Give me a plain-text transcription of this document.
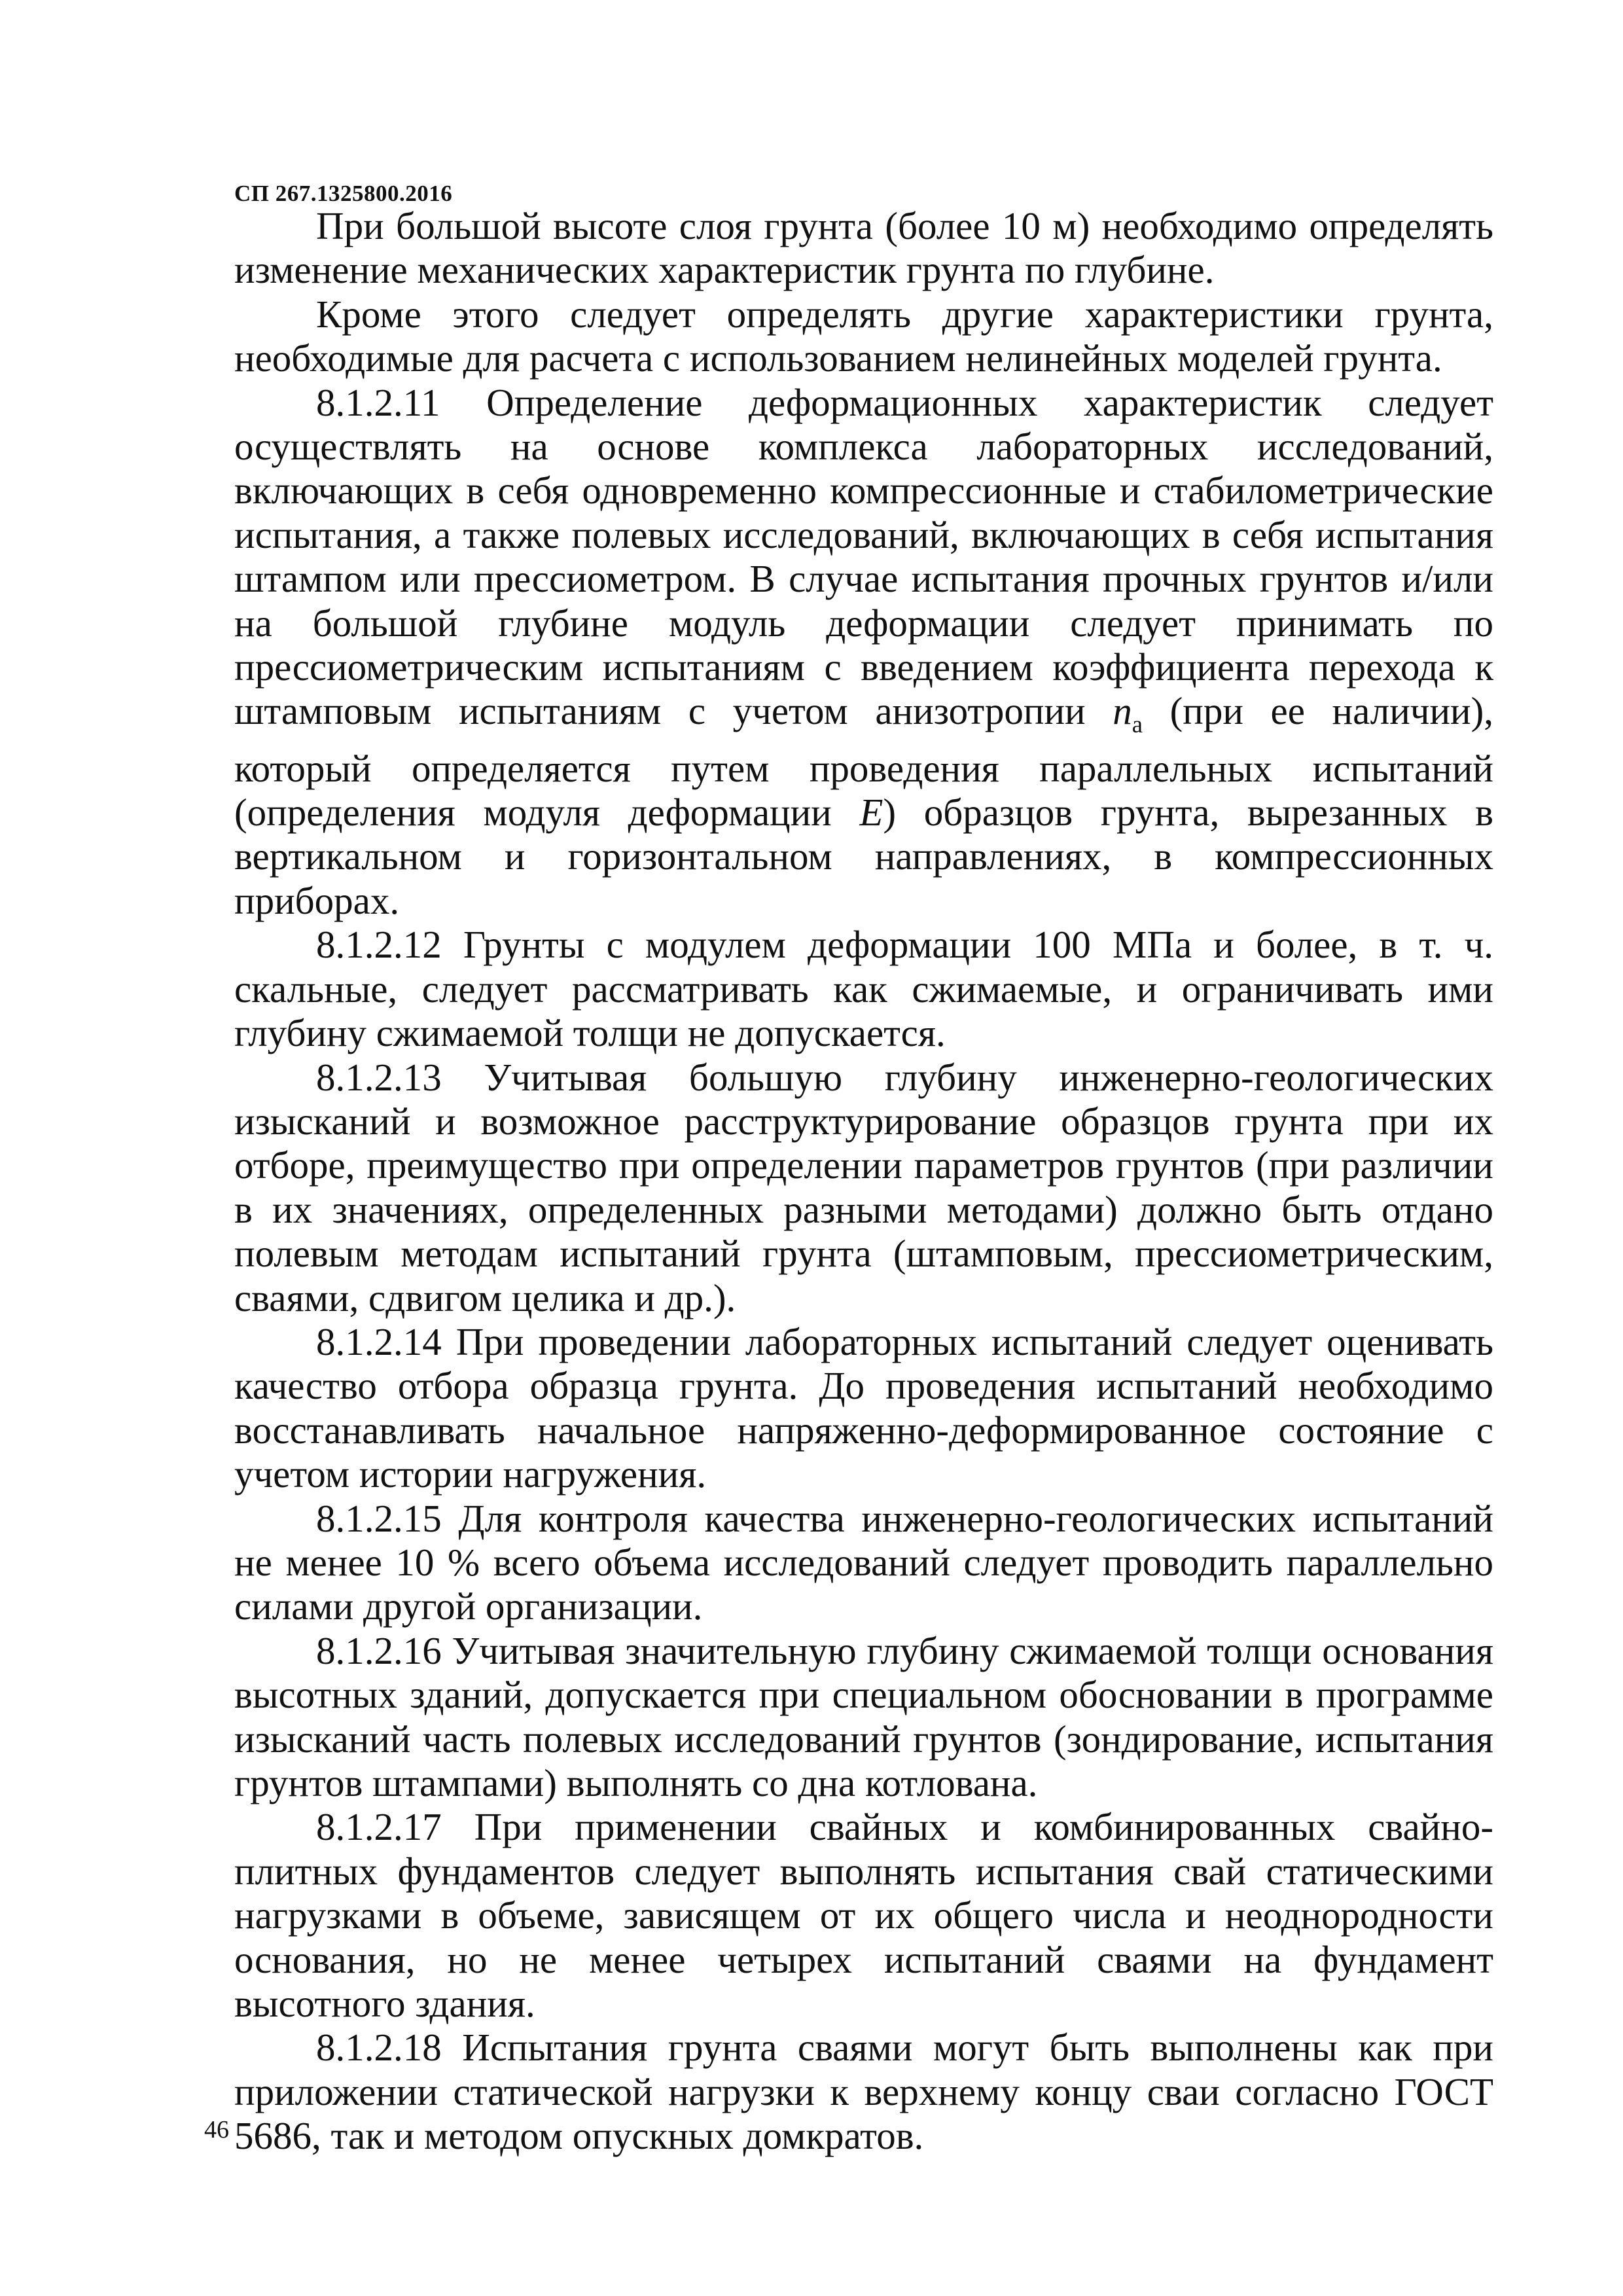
СП 267.1325800.2016

При большой высоте слоя грунта (более 10 м) необходимо определять изменение механических характеристик грунта по глубине.

Кроме этого следует определять другие характеристики грунта, необходимые для расчета с использованием нелинейных моделей грунта.

8.1.2.11 Определение деформационных характеристик следует осуществлять на основе комплекса лабораторных исследований, включающих в себя одновременно компрессионные и стабилометрические испытания, а также полевых исследований, включающих в себя испытания штампом или прессиометром. В случае испытания прочных грунтов и/или на большой глубине модуль деформации следует принимать по прессиометрическим испытаниям с введением коэффициента перехода к штамповым испытаниям с учетом анизотропии $n_a$ (при ее наличии), который определяется путем проведения параллельных испытаний (определения модуля деформации E) образцов грунта, вырезанных в вертикальном и горизонтальном направлениях, в компрессионных приборах.

8.1.2.12 Грунты с модулем деформации 100 МПа и более, в т. ч. скальные, следует рассматривать как сжимаемые, и ограничивать ими глубину сжимаемой толщи не допускается.

8.1.2.13 Учитывая большую глубину инженерно-геологических изысканий и возможное расструктурирование образцов грунта при их отборе, преимущество при определении параметров грунтов (при различии в их значениях, определенных разными методами) должно быть отдано полевым методам испытаний грунта (штамповым, прессиометрическим, сваями, сдвигом целика и др.).

8.1.2.14 При проведении лабораторных испытаний следует оценивать качество отбора образца грунта. До проведения испытаний необходимо восстанавливать начальное напряженно-деформированное состояние с учетом истории нагружения.

8.1.2.15 Для контроля качества инженерно-геологических испытаний не менее 10 % всего объема исследований следует проводить параллельно силами другой организации.

8.1.2.16 Учитывая значительную глубину сжимаемой толщи основания высотных зданий, допускается при специальном обосновании в программе изысканий часть полевых исследований грунтов (зондирование, испытания грунтов штампами) выполнять со дна котлована.

8.1.2.17 При применении свайных и комбинированных свайно-плитных фундаментов следует выполнять испытания свай статическими нагрузками в объеме, зависящем от их общего числа и неоднородности основания, но не менее четырех испытаний сваями на фундамент высотного здания.

8.1.2.18 Испытания грунта сваями могут быть выполнены как при приложении статической нагрузки к верхнему концу сваи согласно ГОСТ 5686, так и методом опускных домкратов.

46
